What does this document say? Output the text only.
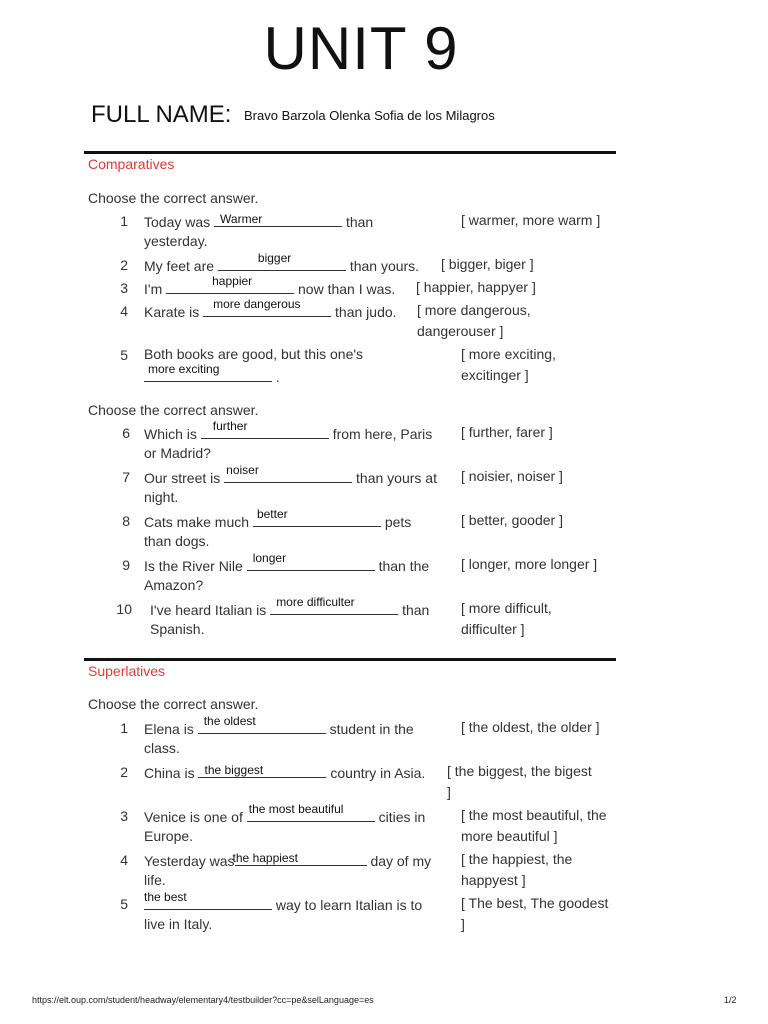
UNIT 9
FULL NAME: Bravo Barzola Olenka Sofia de los Milagros
Comparatives
Choose the correct answer.
1 Today was Warmer	than
yesterday.
[ warmer, more warm ]
2 My feet are	bigger	than yours. [ bigger, biger ]
3 I'm	happier	now than I was. [ happier, happyer ]
4 Karate is more dangerous than judo. [ more dangerous,
dangerouser ]
5 Both books are good, but this one's
more exciting	.
[ more exciting,
excitinger ]
Choose the correct answer.
6 Which is further	from here, Paris
or Madrid?
[ further, farer ]
7 Our street is noiser	than yours at
night.
[ noisier, noiser ]
8 Cats make much better	pets
than dogs.
[ better, gooder ]
9 Is the River Nile longer	than the
Amazon?
[ longer, more longer ]
10 I've heard Italian is more difficulter	than
Spanish.
[ more difficult,
difficulter ]
Superlatives
Choose the correct answer.
1 Elena is the oldest	student in the
class.
[ the oldest, the older ]
2 China is the biggest	country in Asia. [ the biggest, the bigest
]
3 Venice is one of the most beautiful	cities in
Europe.
[ the most beautiful, the
more beautiful ]
4 Yesterday was
the happiest	day of my
life.
[ the happiest, the
happyest ]
5 the best	way to learn Italian is to
live in Italy.
[ The best, The goodest
]
https://elt.oup.com/student/headway/elementary4/testbuilder?cc=pe&selLanguage=es	1/2
